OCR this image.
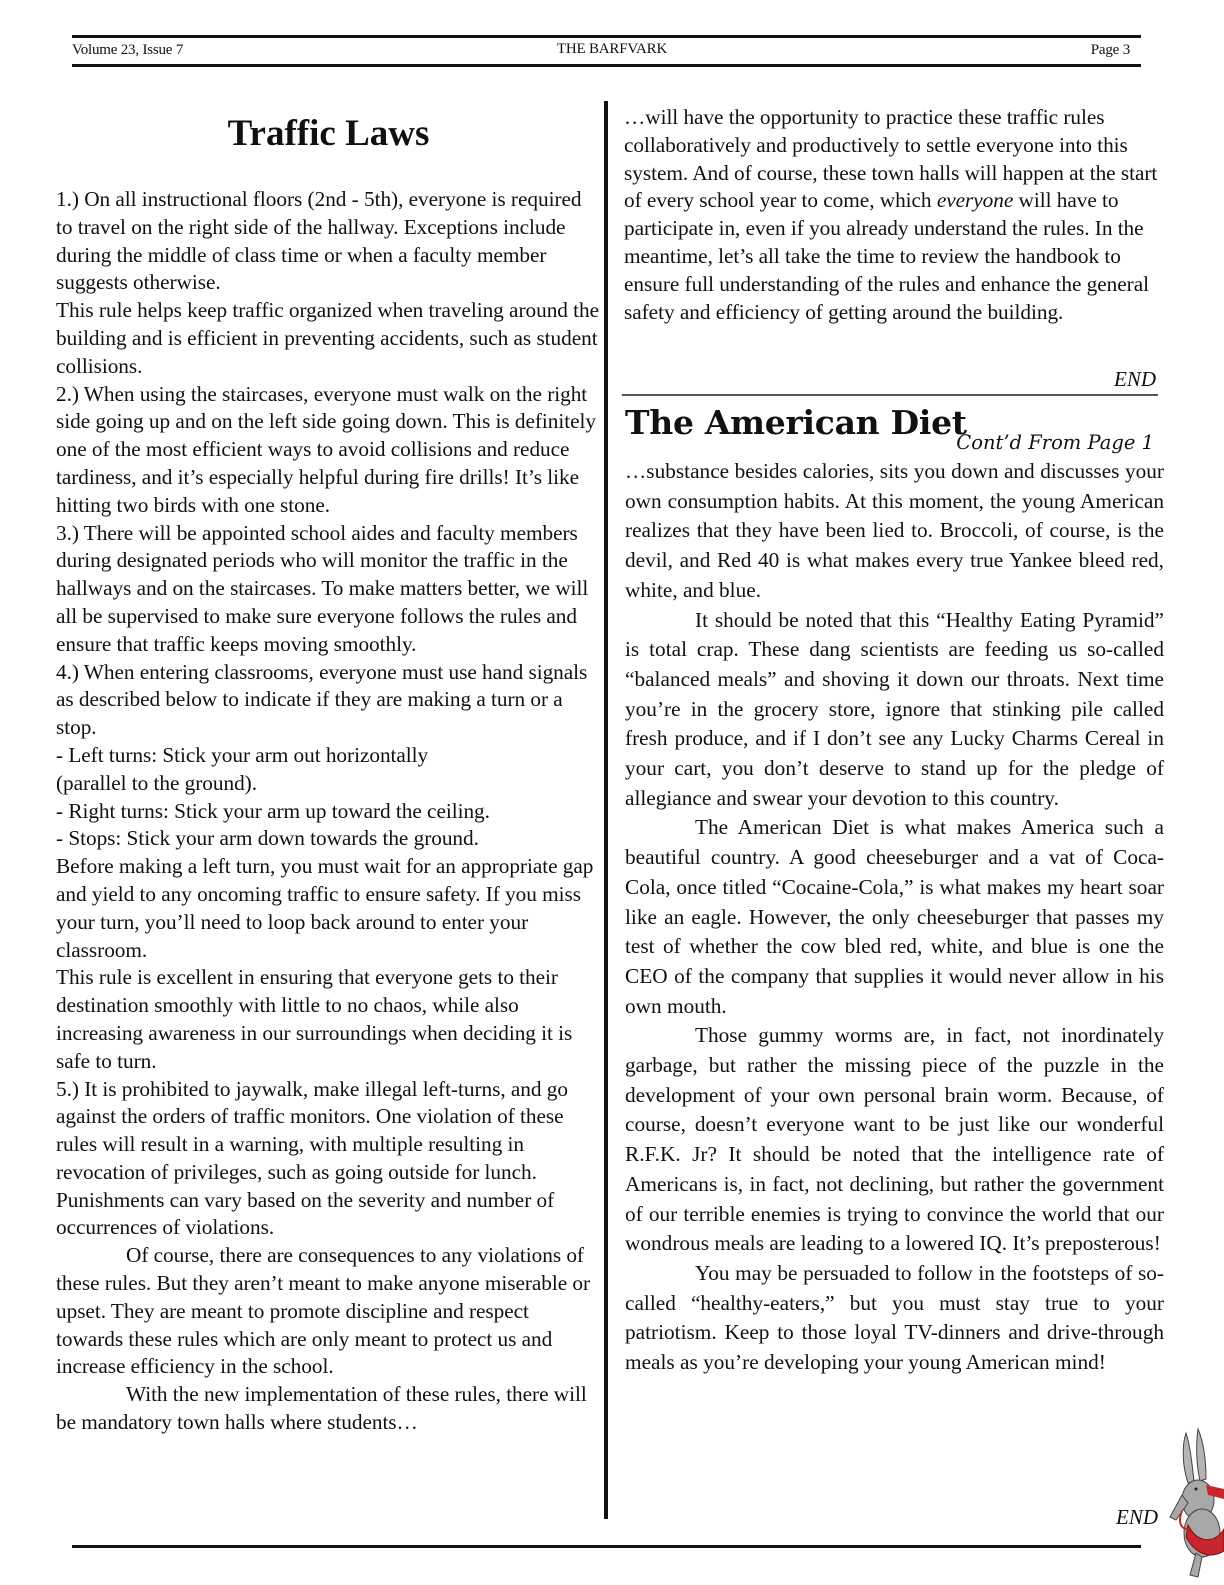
Volume 23, Issue 7	THE BARFVARK	Page 3
Traffic Laws

1.) On all instructional floors (2nd - 5th), everyone is required to travel on the right side of the hallway. Exceptions include during the middle of class time or when a faculty member suggests otherwise.

This rule helps keep traffic organized when traveling around the building and is efficient in preventing accidents, such as student collisions.

2.) When using the staircases, everyone must walk on the right side going up and on the left side going down. This is definitely one of the most efficient ways to avoid collisions and reduce tardiness, and it’s especially helpful during fire drills! It’s like hitting two birds with one stone.

3.) There will be appointed school aides and faculty members during designated periods who will monitor the traffic in the hallways and on the staircases. To make matters better, we will all be supervised to make sure everyone follows the rules and ensure that traffic keeps moving smoothly.

4.) When entering classrooms, everyone must use hand signals as described below to indicate if they are making a turn or a stop.

- Left turns: Stick your arm out horizontally

(parallel to the ground).

- Right turns: Stick your arm up toward the ceiling.

- Stops: Stick your arm down towards the ground.

Before making a left turn, you must wait for an appropriate gap and yield to any oncoming traffic to ensure safety. If you miss your turn, you’ll need to loop back around to enter your classroom.

This rule is excellent in ensuring that everyone gets to their destination smoothly with little to no chaos, while also increasing awareness in our surroundings when deciding it is safe to turn.

5.) It is prohibited to jaywalk, make illegal left-turns, and go against the orders of traffic monitors. One violation of these rules will result in a warning, with multiple resulting in revocation of privileges, such as going outside for lunch. Punishments can vary based on the severity and number of occurrences of violations.

Of course, there are consequences to any violations of these rules. But they aren’t meant to make anyone miserable or upset. They are meant to promote discipline and respect towards these rules which are only meant to protect us and increase efficiency in the school.

With the new implementation of these rules, there will be mandatory town halls where students…

…will have the opportunity to practice these traffic rules collaboratively and productively to settle everyone into this system. And of course, these town halls will happen at the start of every school year to come, which everyone will have to participate in, even if you already understand the rules. In the meantime, let’s all take the time to review the handbook to ensure full understanding of the rules and enhance the general safety and efficiency of getting around the building.

END
The American Diet
Cont’d From Page 1

…substance besides calories, sits you down and discusses your own consumption habits. At this moment, the young American realizes that they have been lied to. Broccoli, of course, is the devil, and Red 40 is what makes every true Yankee bleed red, white, and blue.

It should be noted that this “Healthy Eating Pyramid” is total crap. These dang scientists are feeding us so-called “balanced meals” and shoving it down our throats. Next time you’re in the grocery store, ignore that stinking pile called fresh produce, and if I don’t see any Lucky Charms Cereal in your cart, you don’t deserve to stand up for the pledge of allegiance and swear your devotion to this country.

The American Diet is what makes America such a beautiful country. A good cheeseburger and a vat of Coca-Cola, once titled “Cocaine-Cola,” is what makes my heart soar like an eagle. However, the only cheeseburger that passes my test of whether the cow bled red, white, and blue is one the CEO of the company that supplies it would never allow in his own mouth.

Those gummy worms are, in fact, not inordinately garbage, but rather the missing piece of the puzzle in the development of your own personal brain worm. Because, of course, doesn’t everyone want to be just like our wonderful R.F.K. Jr? It should be noted that the intelligence rate of Americans is, in fact, not declining, but rather the government of our terrible enemies is trying to convince the world that our wondrous meals are leading to a lowered IQ. It’s preposterous!

You may be persuaded to follow in the footsteps of so-called “healthy-eaters,” but you must stay true to your patriotism. Keep to those loyal TV-dinners and drive-through meals as you’re developing your young American mind!

END
